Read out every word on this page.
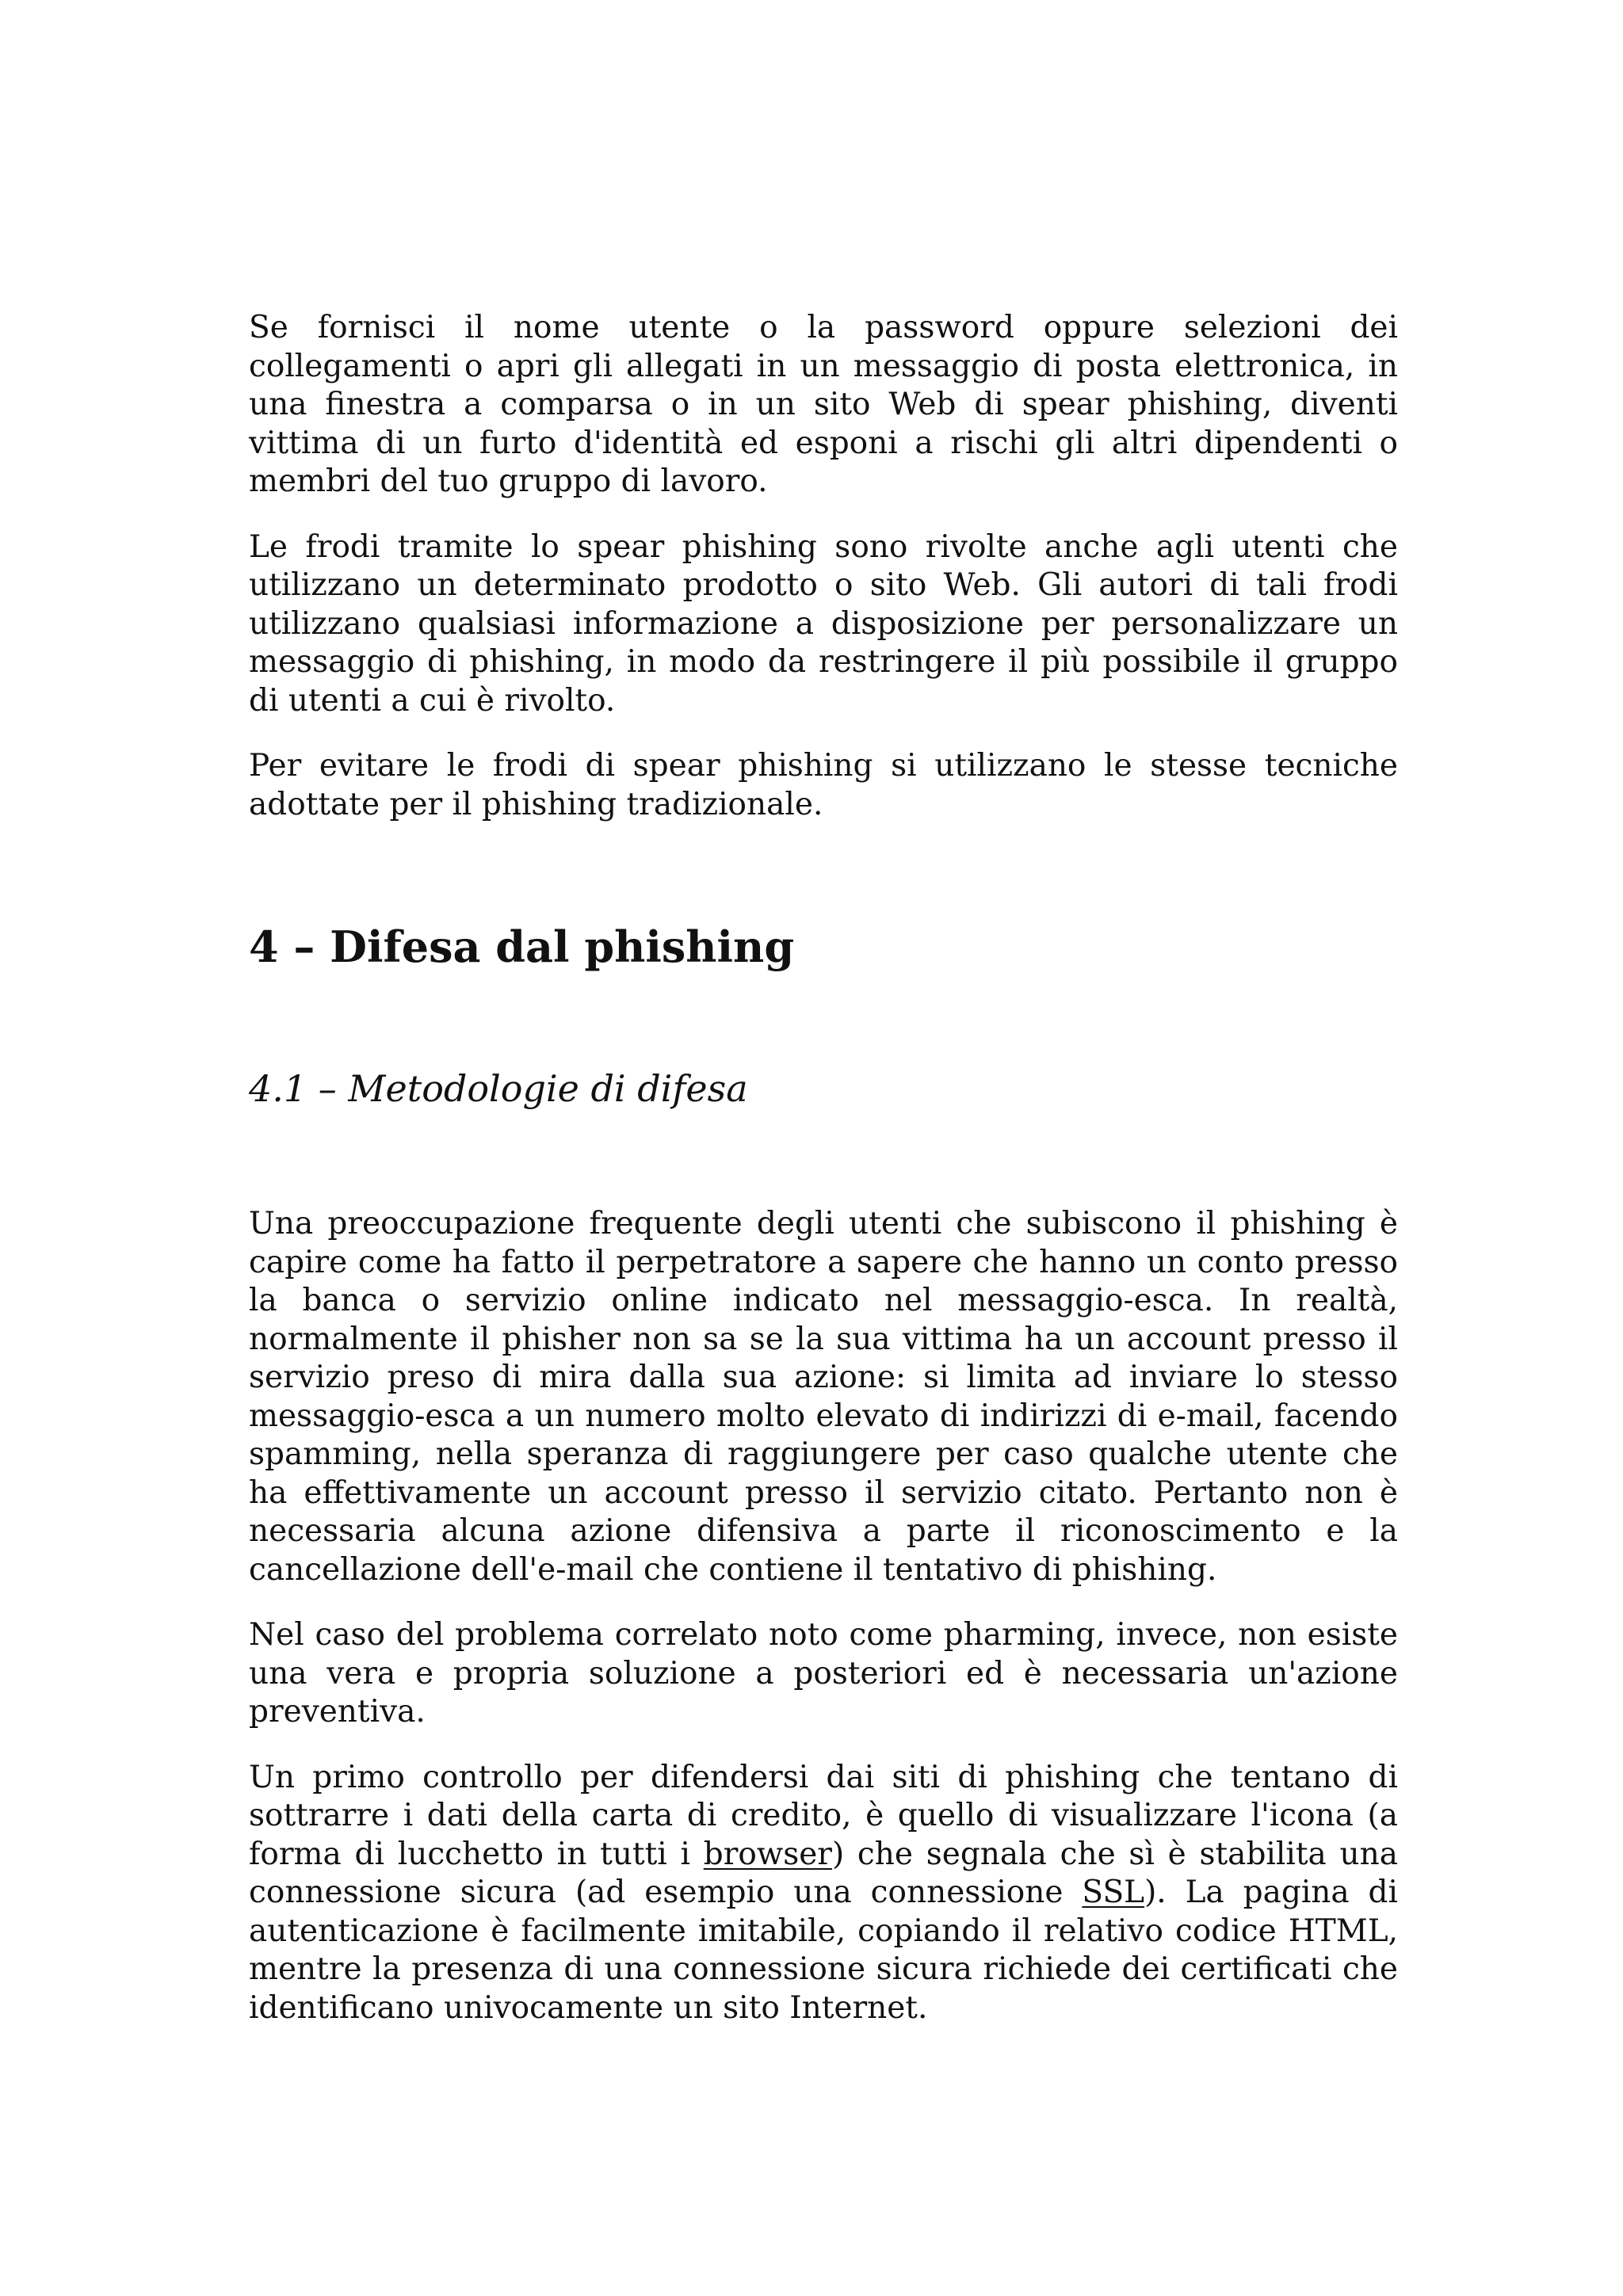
Se fornisci il nome utente o la password oppure selezioni dei collegamenti o apri gli allegati in un messaggio di posta elettronica, in una finestra a comparsa o in un sito Web di spear phishing, diventi vittima di un furto d'identità ed esponi a rischi gli altri dipendenti o membri del tuo gruppo di lavoro.

Le frodi tramite lo spear phishing sono rivolte anche agli utenti che utilizzano un determinato prodotto o sito Web. Gli autori di tali frodi utilizzano qualsiasi informazione a disposizione per personalizzare un messaggio di phishing, in modo da restringere il più possibile il gruppo di utenti a cui è rivolto.

Per evitare le frodi di spear phishing si utilizzano le stesse tecniche adottate per il phishing tradizionale.

4 – Difesa dal phishing
4.1 – Metodologie di difesa

Una preoccupazione frequente degli utenti che subiscono il phishing è capire come ha fatto il perpetratore a sapere che hanno un conto presso la banca o servizio online indicato nel messaggio-esca. In realtà, normalmente il phisher non sa se la sua vittima ha un account presso il servizio preso di mira dalla sua azione: si limita ad inviare lo stesso messaggio-esca a un numero molto elevato di indirizzi di e-mail, facendo spamming, nella speranza di raggiungere per caso qualche utente che ha effettivamente un account presso il servizio citato. Pertanto non è necessaria alcuna azione difensiva a parte il riconoscimento e la cancellazione dell'e-mail che contiene il tentativo di phishing.

Nel caso del problema correlato noto come pharming, invece, non esiste una vera e propria soluzione a posteriori ed è necessaria un'azione preventiva.

Un primo controllo per difendersi dai siti di phishing che tentano di sottrarre i dati della carta di credito, è quello di visualizzare l'icona (a forma di lucchetto in tutti i browser) che segnala che sì è stabilita una connessione sicura (ad esempio una connessione SSL). La pagina di autenticazione è facilmente imitabile, copiando il relativo codice HTML, mentre la presenza di una connessione sicura richiede dei certificati che identificano univocamente un sito Internet.
